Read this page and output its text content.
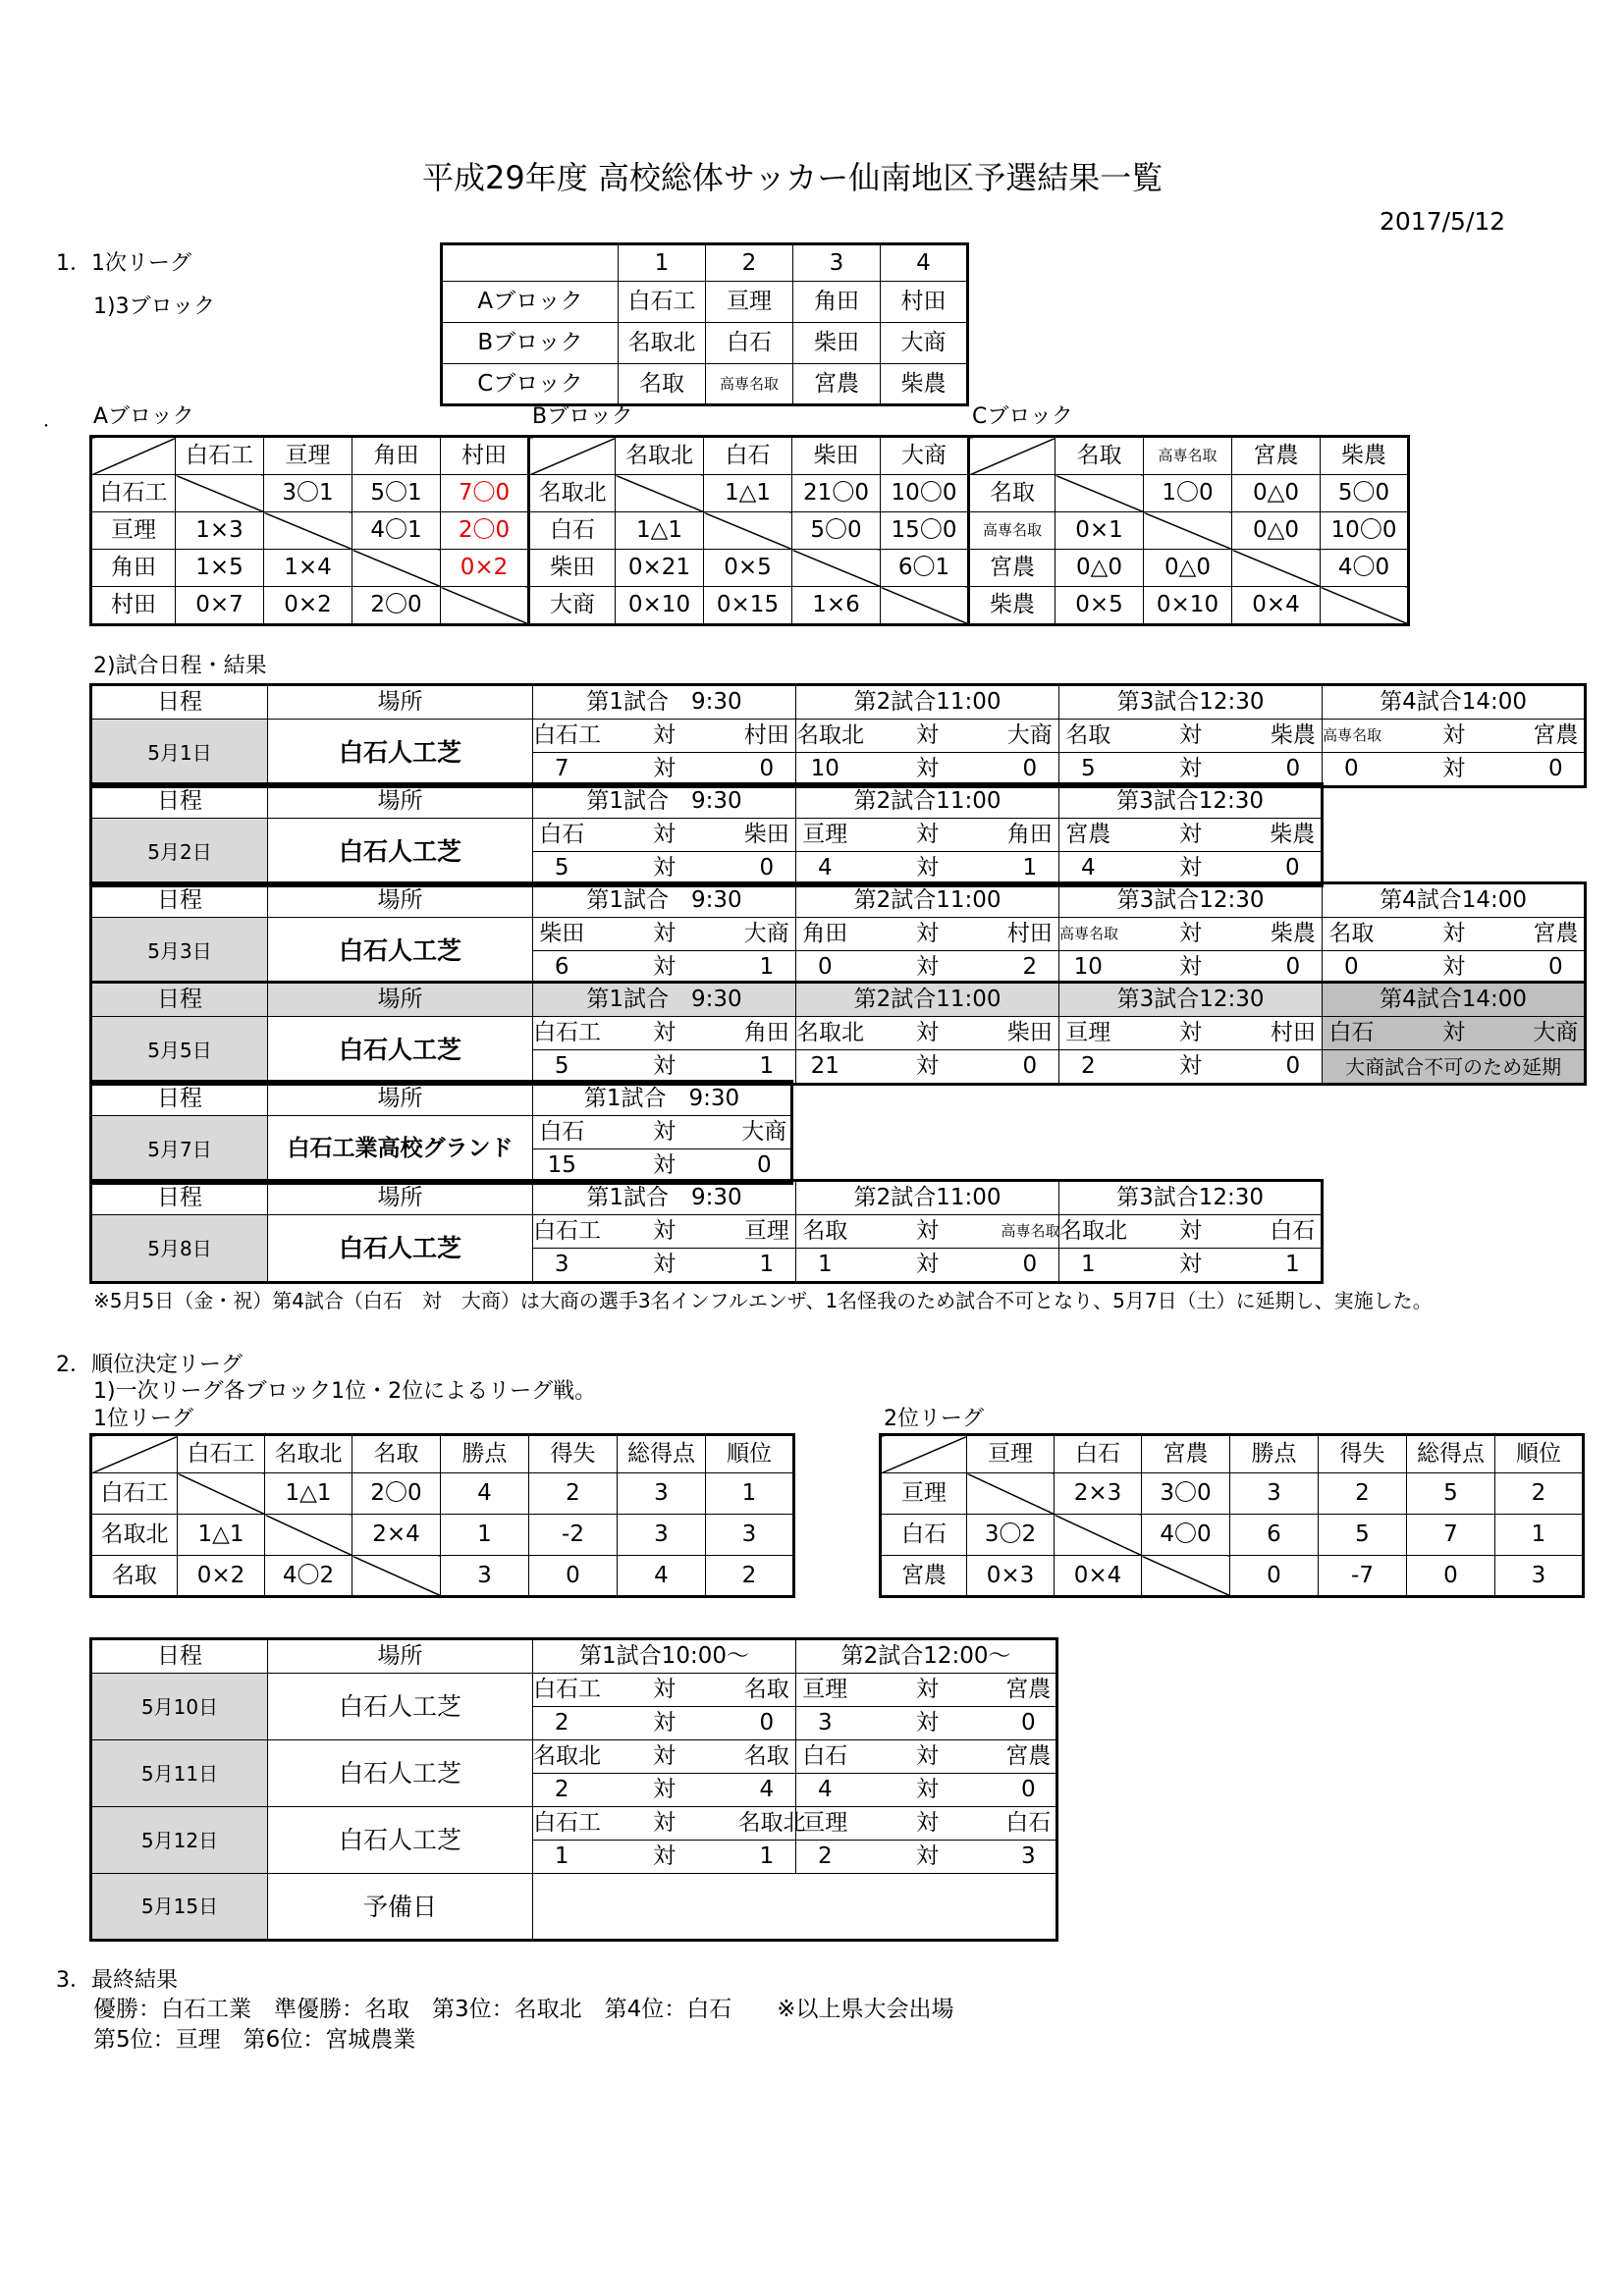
平成29年度 高校総体サッカー仙南地区予選結果一覧
2017/5/12
1．1次リーグ
1)3ブロック
・
	1	2	3	4
Aブロック	白石工	亘理	角田	村田
Bブロック	名取北	白石	柴田	大商
Cブロック	名取	高専名取	宮農	柴農
Aブロック	Bブロック	Cブロック
	白石工	亘理	角田	村田
白石工		3〇1	5〇1	7〇0
亘理	1×3		4〇1	2〇0
角田	1×5	1×4		0×2
村田	0×7	0×2	2〇0	
	名取北	白石	柴田	大商
名取北		1△1	21〇0	10〇0
白石	1△1		5〇0	15〇0
柴田	0×21	0×5		6〇1
大商	0×10	0×15	1×6	
	名取	高専名取	宮農	柴農
名取		1〇0	0△0	5〇0
高専名取	0×1		0△0	10〇0
宮農	0△0	0△0		4〇0
柴農	0×5	0×10	0×4	
2)試合日程・結果
日程	場所	第1試合　9:30			第2試合11:00			第3試合12:30			第4試合14:00		
5月1日	白石人工芝	白石工	対	村田	名取北	対	大商	名取	対	柴農	高専名取	対	宮農
		7	対	0	10	対	0	5	対	0	0	対	0
日程	場所	第1試合　9:30			第2試合11:00			第3試合12:30		
5月2日	白石人工芝	白石	対	柴田	亘理	対	角田	宮農	対	柴農
		5	対	0	4	対	1	4	対	0
日程	場所	第1試合　9:30			第2試合11:00			第3試合12:30			第4試合14:00		
5月3日	白石人工芝	柴田	対	大商	角田	対	村田	高専名取	対	柴農	名取	対	宮農
		6	対	1	0	対	2	10	対	0	0	対	0
日程	場所	第1試合　9:30			第2試合11:00			第3試合12:30			第4試合14:00		
5月5日	白石人工芝	白石工	対	角田	名取北	対	柴田	亘理	対	村田	白石	対	大商
		5	対	1	21	対	0	2	対	0	大商試合不可のため延期		
日程	場所	第1試合　9:30		
5月7日	白石工業高校グランド	白石	対	大商
		15	対	0
日程	場所	第1試合　9:30			第2試合11:00			第3試合12:30		
5月8日	白石人工芝	白石工	対	亘理	名取	対	高専名取	名取北	対	白石
		3	対	1	1	対	0	1	対	1
※5月5日（金・祝）第4試合（白石　対　大商）は大商の選手3名インフルエンザ、1名怪我のため試合不可となり、5月7日（土）に延期し、実施した。
2．順位決定リーグ
1)一次リーグ各ブロック1位・2位によるリーグ戦。
1位リーグ	2位リーグ
	白石工	名取北	名取	勝点	得失	総得点	順位
白石工		1△1	2〇0	4	2	3	1
名取北	1△1		2×4	1	-2	3	3
名取	0×2	4〇2		3	0	4	2
	亘理	白石	宮農	勝点	得失	総得点	順位
亘理		2×3	3〇0	3	2	5	2
白石	3〇2		4〇0	6	5	7	1
宮農	0×3	0×4		0	-7	0	3
日程	場所	第1試合10:00～			第2試合12:00～		
5月10日	白石人工芝	白石工	対	名取	亘理	対	宮農
		2	対	0	3	対	0
5月11日	白石人工芝	名取北	対	名取	白石	対	宮農
		2	対	4	4	対	0
5月12日	白石人工芝	白石工	対	名取北	亘理	対	白石
		1	対	1	2	対	3
5月15日	予備日						
3．最終結果
優勝：白石工業　準優勝：名取　第3位：名取北　第4位：白石　　※以上県大会出場
第5位：亘理　第6位：宮城農業
